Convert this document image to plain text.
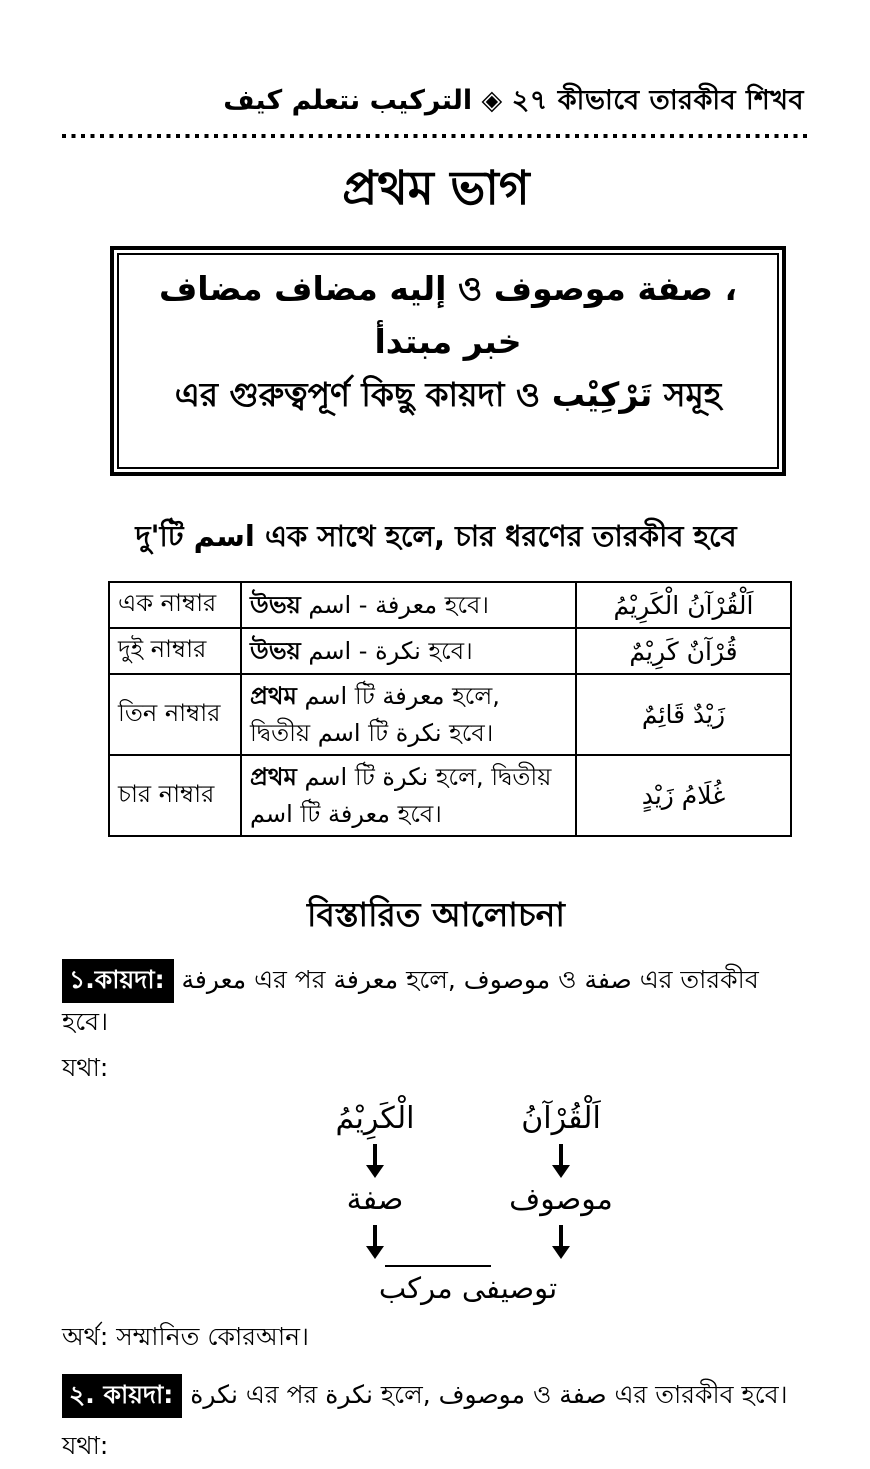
كيف نتعلم التركيب ◈ ২৭ কীভাবে তারকীব শিখব
প্রথম ভাগ
مضاف مضاف إليه ও موصوف صفة ، مبتدأ خبر
এর গুরুত্বপূর্ণ কিছু কায়দা ও تَرْكِيْب সমূহ
দু'টি اسم এক সাথে হলে, চার ধরণের তারকীব হবে
এক নাম্বার	উভয় اسم - معرفة হবে।	اَلْقُرْآنُ الْكَرِيْمُ
দুই নাম্বার	উভয় اسم - نكرة হবে।	قُرْآنٌ كَرِيْمٌ
তিন নাম্বার	প্রথম اسم টি معرفة হলে, দ্বিতীয় اسم টি نكرة হবে।	زَيْدٌ قَائِمٌ
চার নাম্বার	প্রথম اسم টি نكرة হলে, দ্বিতীয় اسم টি معرفة হবে।	غُلَامُ زَيْدٍ
বিস্তারিত আলোচনা
১.কায়দা: معرفة এর পর معرفة হলে, موصوف ও صفة এর তারকীব হবে।
যথা:
الْكَرِيْمُ	اَلْقُرْآنُ
صفة	موصوف
مركب توصيفى
অর্থ: সম্মানিত কোরআন।
২. কায়দা: نكرة এর পর نكرة হলে, موصوف ও صفة এর তারকীব হবে।
যথা:
